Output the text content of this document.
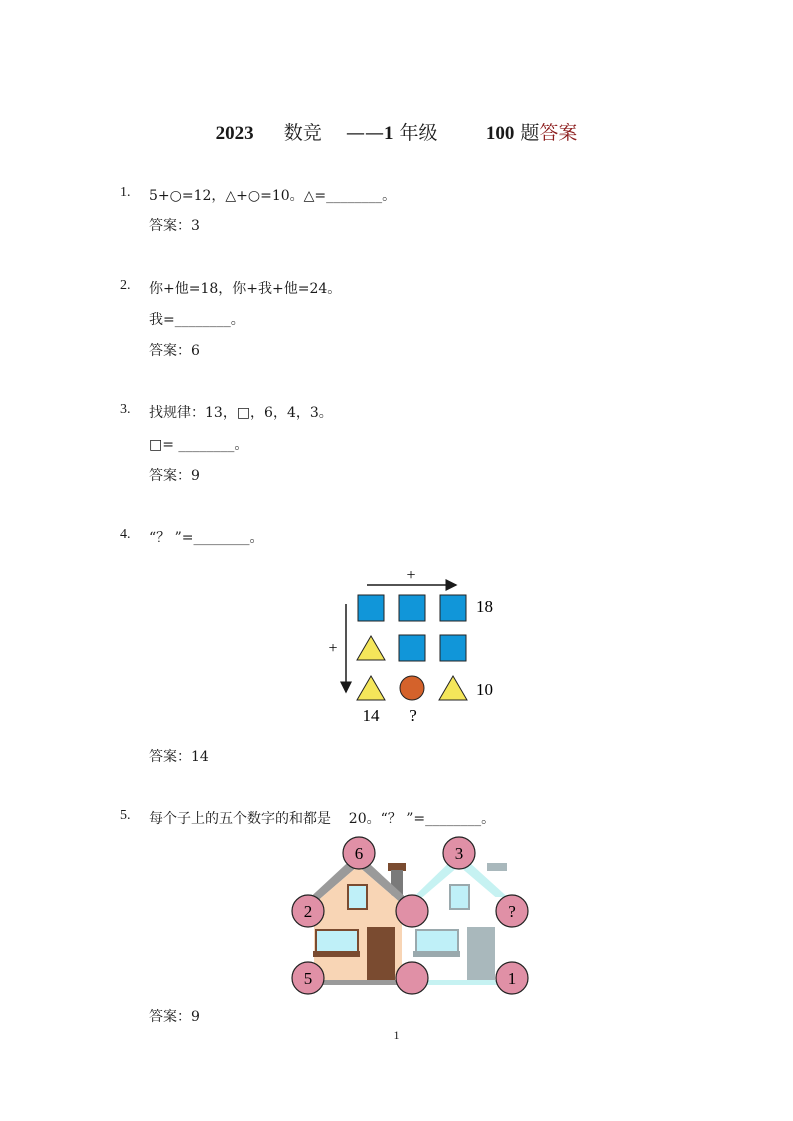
2023 数竞 ——1 年级	100 题答案
1. 5+○=12，△+○=10。△=________。
答案：3
2. 你+他=18，你+我+他=24。
我=________。
答案：6
3. 找规律：13，□，6，4，3。
□= ________。
答案：9
4. “？ ”=________。
+
+
18
10
14 ?
答案：14
5. 每个子上的五个数字的和都是    20。“？ ”=________。
6	3
2	?
5	1
答案：9
1
